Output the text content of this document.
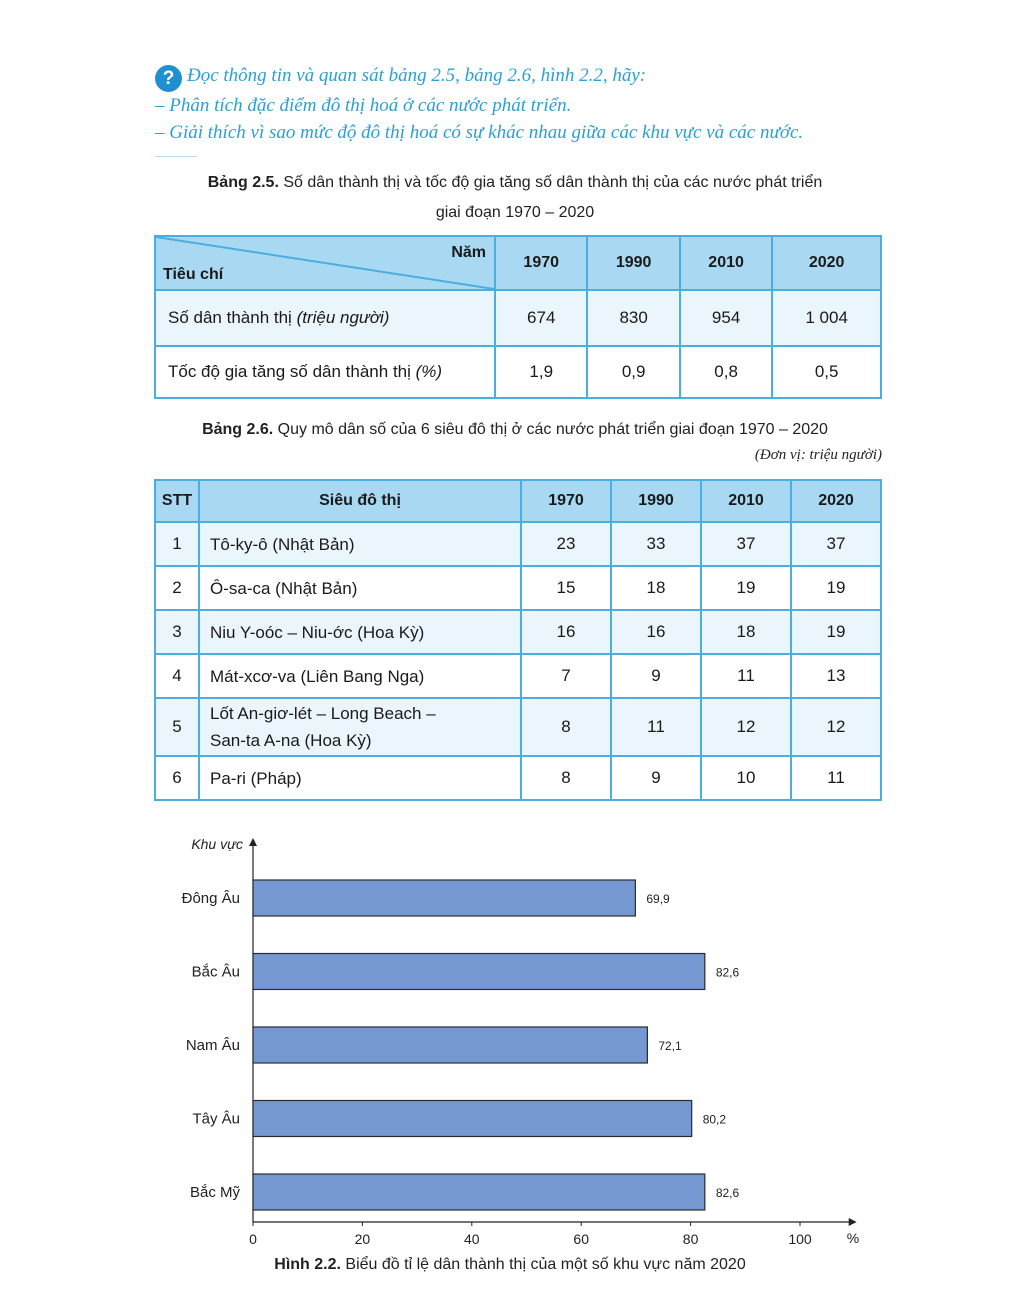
? Đọc thông tin và quan sát bảng 2.5, bảng 2.6, hình 2.2, hãy:
– Phân tích đặc điểm đô thị hoá ở các nước phát triển.
– Giải thích vì sao mức độ đô thị hoá có sự khác nhau giữa các khu vực và các nước.
Bảng 2.5. Số dân thành thị và tốc độ gia tăng số dân thành thị của các nước phát triển
giai đoạn 1970 – 2020
Năm
Tiêu chí	1970	1990	2010	2020
Số dân thành thị (triệu người)	674	830	954	1 004
Tốc độ gia tăng số dân thành thị (%)	1,9	0,9	0,8	0,5
Bảng 2.6. Quy mô dân số của 6 siêu đô thị ở các nước phát triển giai đoạn 1970 – 2020
(Đơn vị: triệu người)
STT	Siêu đô thị	1970	1990	2010	2020
1	Tô-ky-ô (Nhật Bản)	23	33	37	37
2	Ô-sa-ca (Nhật Bản)	15	18	19	19
3	Niu Y-oóc – Niu-ớc (Hoa Kỳ)	16	16	18	19
4	Mát-xcơ-va (Liên Bang Nga)	7	9	11	13
5	Lốt An-giơ-lét – Long Beach –
San-ta A-na (Hoa Kỳ)	8	11	12	12
6	Pa-ri (Pháp)	8	9	10	11
Khu vực
%
0	20	40	60	80	100
Đông Âu	69,9
Bắc Âu	82,6
Nam Âu	72,1
Tây Âu	80,2
Bắc Mỹ	82,6
Hình 2.2. Biểu đồ tỉ lệ dân thành thị của một số khu vực năm 2020
